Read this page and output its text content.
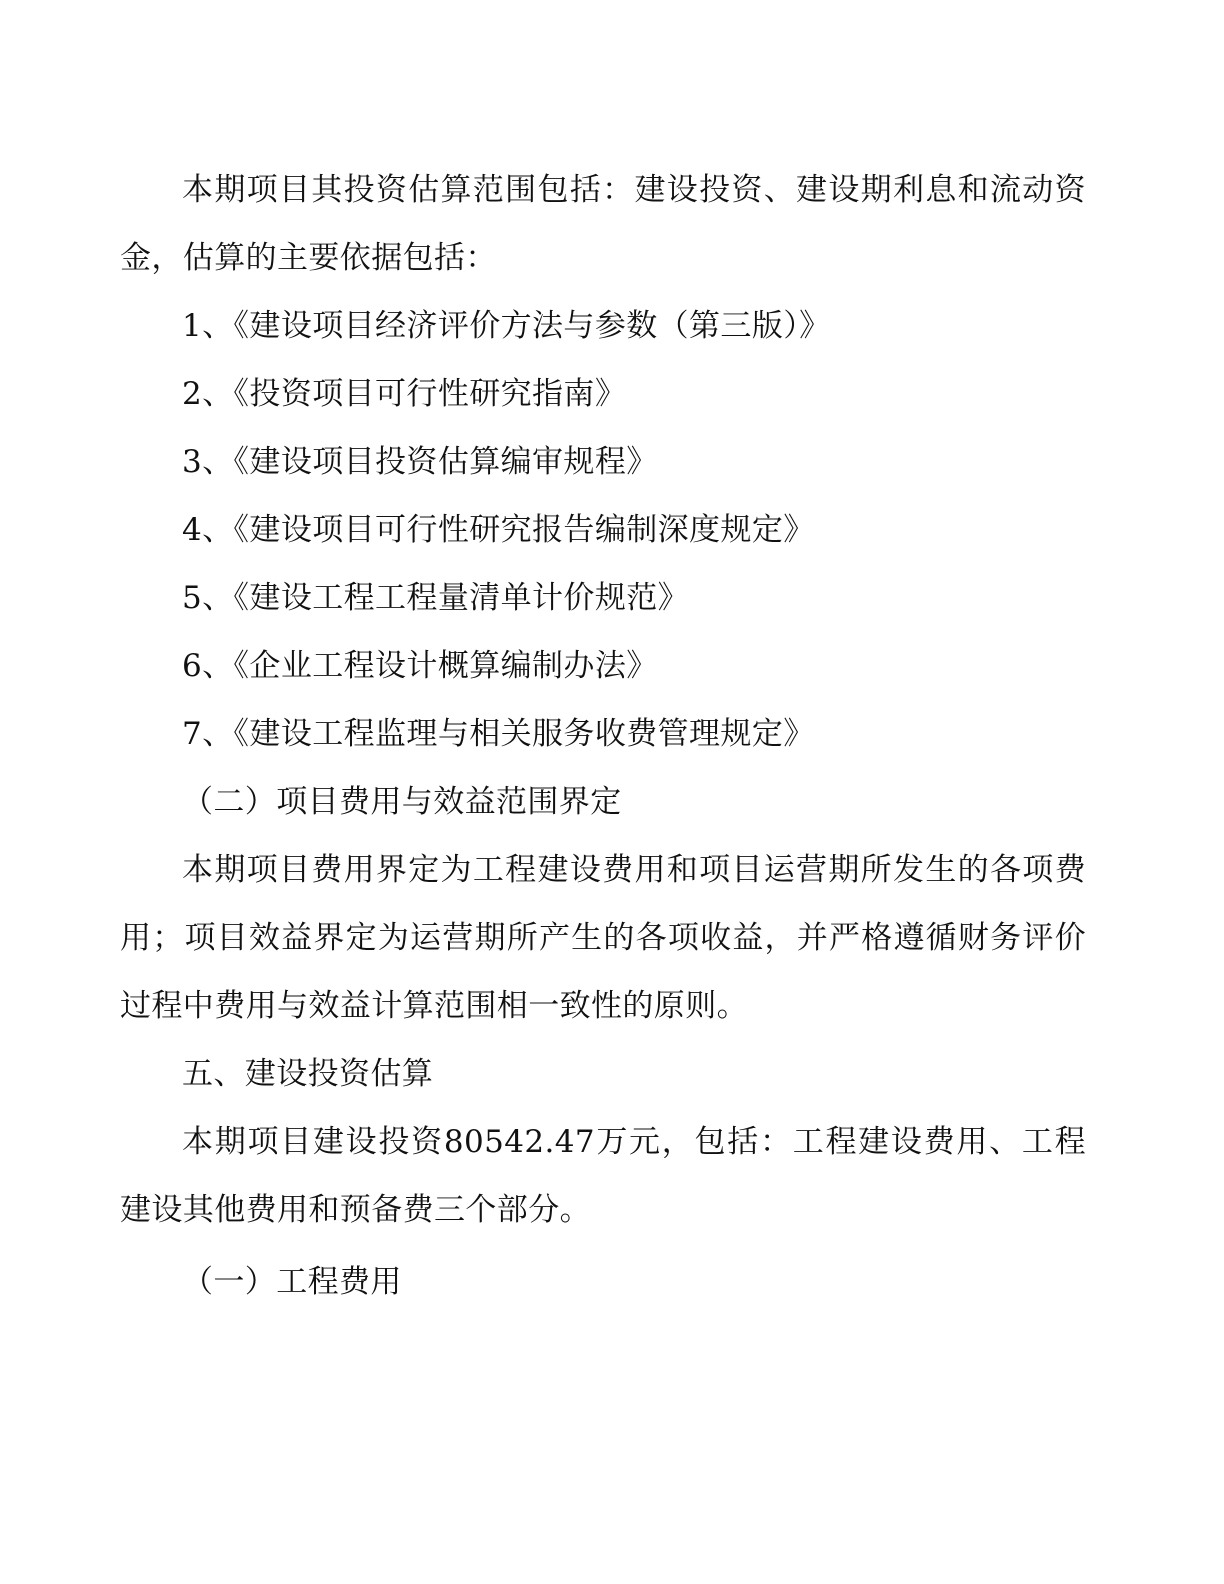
本期项目其投资估算范围包括：建设投资、建设期利息和流动资金，估算的主要依据包括：

1、《建设项目经济评价方法与参数（第三版）》

2、《投资项目可行性研究指南》

3、《建设项目投资估算编审规程》

4、《建设项目可行性研究报告编制深度规定》

5、《建设工程工程量清单计价规范》

6、《企业工程设计概算编制办法》

7、《建设工程监理与相关服务收费管理规定》

（二）项目费用与效益范围界定

本期项目费用界定为工程建设费用和项目运营期所发生的各项费用；项目效益界定为运营期所产生的各项收益，并严格遵循财务评价过程中费用与效益计算范围相一致性的原则。

五、建设投资估算

本期项目建设投资80542.47万元，包括：工程建设费用、工程建设其他费用和预备费三个部分。

（一）工程费用
